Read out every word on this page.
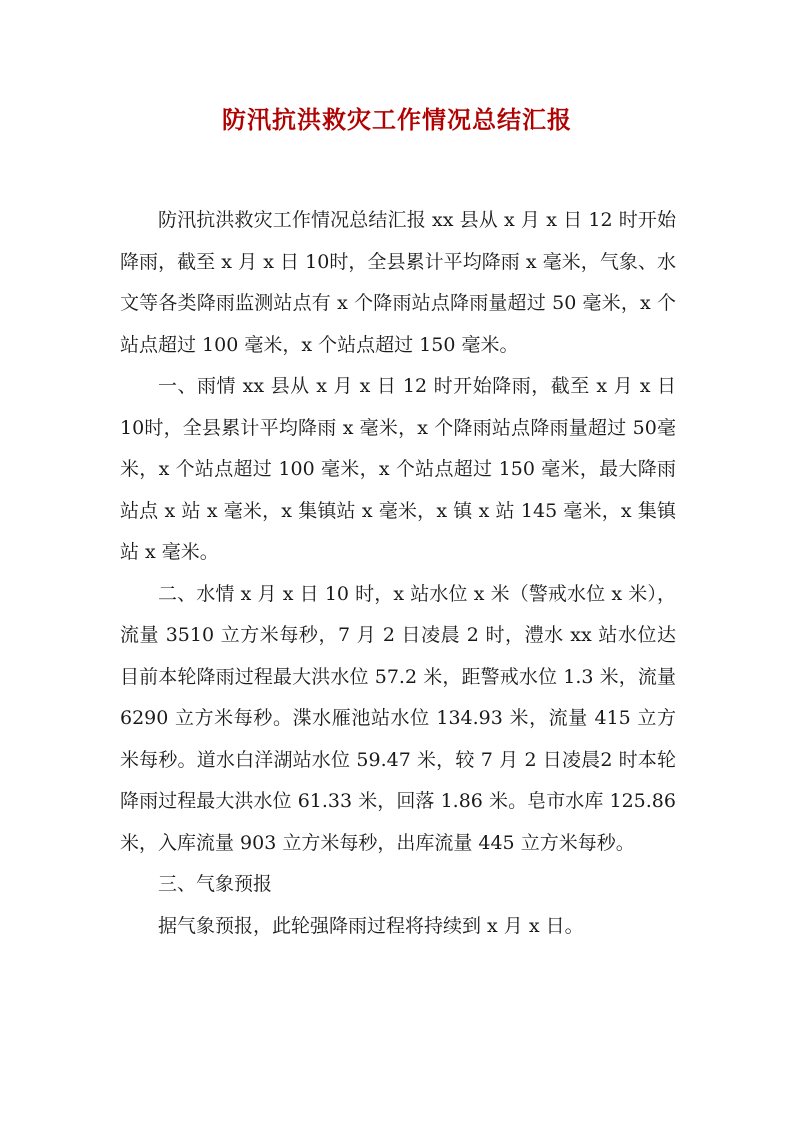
防汛抗洪救灾工作情况总结汇报

防汛抗洪救灾工作情况总结汇报 xx 县从 x 月 x 日 12 时开始降雨，截至 x 月 x 日 10时，全县累计平均降雨 x 毫米，气象、水文等各类降雨监测站点有 x 个降雨站点降雨量超过 50 毫米，x 个站点超过 100 毫米，x 个站点超过 150 毫米。

一、雨情 xx 县从 x 月 x 日 12 时开始降雨，截至 x 月 x 日 10时，全县累计平均降雨 x 毫米，x 个降雨站点降雨量超过 50毫米，x 个站点超过 100 毫米，x 个站点超过 150 毫米，最大降雨站点 x 站 x 毫米，x 集镇站 x 毫米，x 镇 x 站 145 毫米，x 集镇站 x 毫米。

二、水情 x 月 x 日 10 时，x 站水位 x 米（警戒水位 x 米），流量 3510 立方米每秒，7 月 2 日凌晨 2 时，澧水 xx 站水位达目前本轮降雨过程最大洪水位 57.2 米，距警戒水位 1.3 米，流量 6290 立方米每秒。渫水雁池站水位 134.93 米，流量 415 立方米每秒。道水白洋湖站水位 59.47 米，较 7 月 2 日凌晨2 时本轮降雨过程最大洪水位 61.33 米，回落 1.86 米。皂市水库 125.86 米，入库流量 903 立方米每秒，出库流量 445 立方米每秒。

三、气象预报

据气象预报，此轮强降雨过程将持续到 x 月 x 日。
